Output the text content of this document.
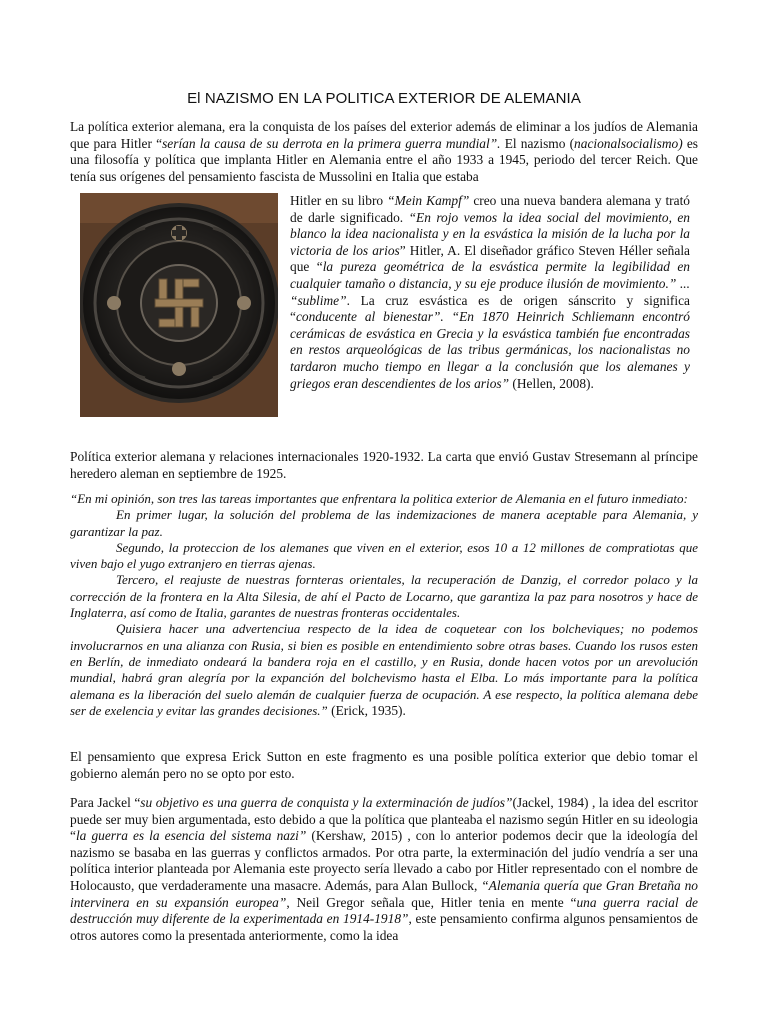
El NAZISMO EN LA POLITICA EXTERIOR DE ALEMANIA

La política exterior alemana, era la conquista de los países del exterior además de eliminar a los judíos de Alemania que para Hitler “serían la causa de su derrota en la primera guerra mundial”. El nazismo (nacionalsocialismo) es una filosofía y política que implanta Hitler en Alemania entre el año 1933 a 1945, periodo del tercer Reich. Que tenía sus orígenes del pensamiento fascista de Mussolini en Italia que estaba

Hitler en su libro “Mein Kampf” creo una nueva bandera alemana y trató de darle significado. “En rojo vemos la idea social del movimiento, en blanco la idea nacionalista y en la esvástica la misión de la lucha por la victoria de los arios” Hitler, A. El diseñador gráfico Steven Héller señala que “la pureza geométrica de la esvástica permite la legibilidad en cualquier tamaño o distancia, y su eje produce ilusión de movimiento.” ... “sublime”. La cruz esvástica es de origen sánscrito y significa “conducente al bienestar”. “En 1870 Heinrich Schliemann encontró cerámicas de esvástica en Grecia y la esvástica también fue encontradas en restos arqueológicas de las tribus germánicas, los nacionalistas no tardaron mucho tiempo en llegar a la conclusión que los alemanes y griegos eran descendientes de los arios” (Hellen, 2008).

Política exterior alemana y relaciones internacionales 1920-1932. La carta que envió Gustav Stresemann al príncipe heredero aleman en septiembre de 1925.

“En mi opinión, son tres las tareas importantes que enfrentara la politica exterior de Alemania en el futuro inmediato:
En primer lugar, la solución del problema de las indemizaciones de manera aceptable para Alemania, y garantizar la paz.
Segundo, la proteccion de los alemanes que viven en el exterior, esos 10 a 12 millones de compratiotas que viven bajo el yugo extranjero en tierras ajenas.
Tercero, el reajuste de nuestras fornteras orientales, la recuperación de Danzig, el corredor polaco y la corrección de la frontera en la Alta Silesia, de ahí el Pacto de Locarno, que garantiza la paz para nosotros y hace de Inglaterra, así como de Italia, garantes de nuestras fronteras occidentales.
Quisiera hacer una advertenciua respecto de la idea de coquetear con los bolcheviques; no podemos involucrarnos en una alianza con Rusia, si bien es posible en entendimiento sobre otras bases. Cuando los rusos esten en Berlín, de inmediato ondeará la bandera roja en el castillo, y en Rusia, donde hacen votos por un arevolución mundial, habrá gran alegría por la expanción del bolchevismo hasta el Elba. Lo más importante para la política alemana es la liberación del suelo alemán de cualquier fuerza de ocupación. A ese respecto, la política alemana debe ser de exelencia y evitar las grandes decisiones.” (Erick, 1935).

El pensamiento que expresa Erick Sutton en este fragmento es una posible política exterior que debio tomar el gobierno alemán pero no se opto por esto.

Para Jackel “su objetivo es una guerra de conquista y la exterminación de judíos”(Jackel, 1984) , la idea del escritor puede ser muy bien argumentada, esto debido a que la política que planteaba el nazismo según Hitler en su ideologia “la guerra es la esencia del sistema nazi” (Kershaw, 2015) , con lo anterior podemos decir que la ideología del nazismo se basaba en las guerras y conflictos armados. Por otra parte, la exterminación del judío vendría a ser una política interior planteada por Alemania este proyecto sería llevado a cabo por Hitler representado con el nombre de Holocausto, que verdaderamente una masacre. Además, para Alan Bullock, “Alemania quería que Gran Bretaña no intervinera en su expansión europea”, Neil Gregor señala que, Hitler tenia en mente “una guerra racial de destrucción muy diferente de la experimentada en 1914-1918”, este pensamiento confirma algunos pensamientos de otros autores como la presentada anteriormente, como la idea
